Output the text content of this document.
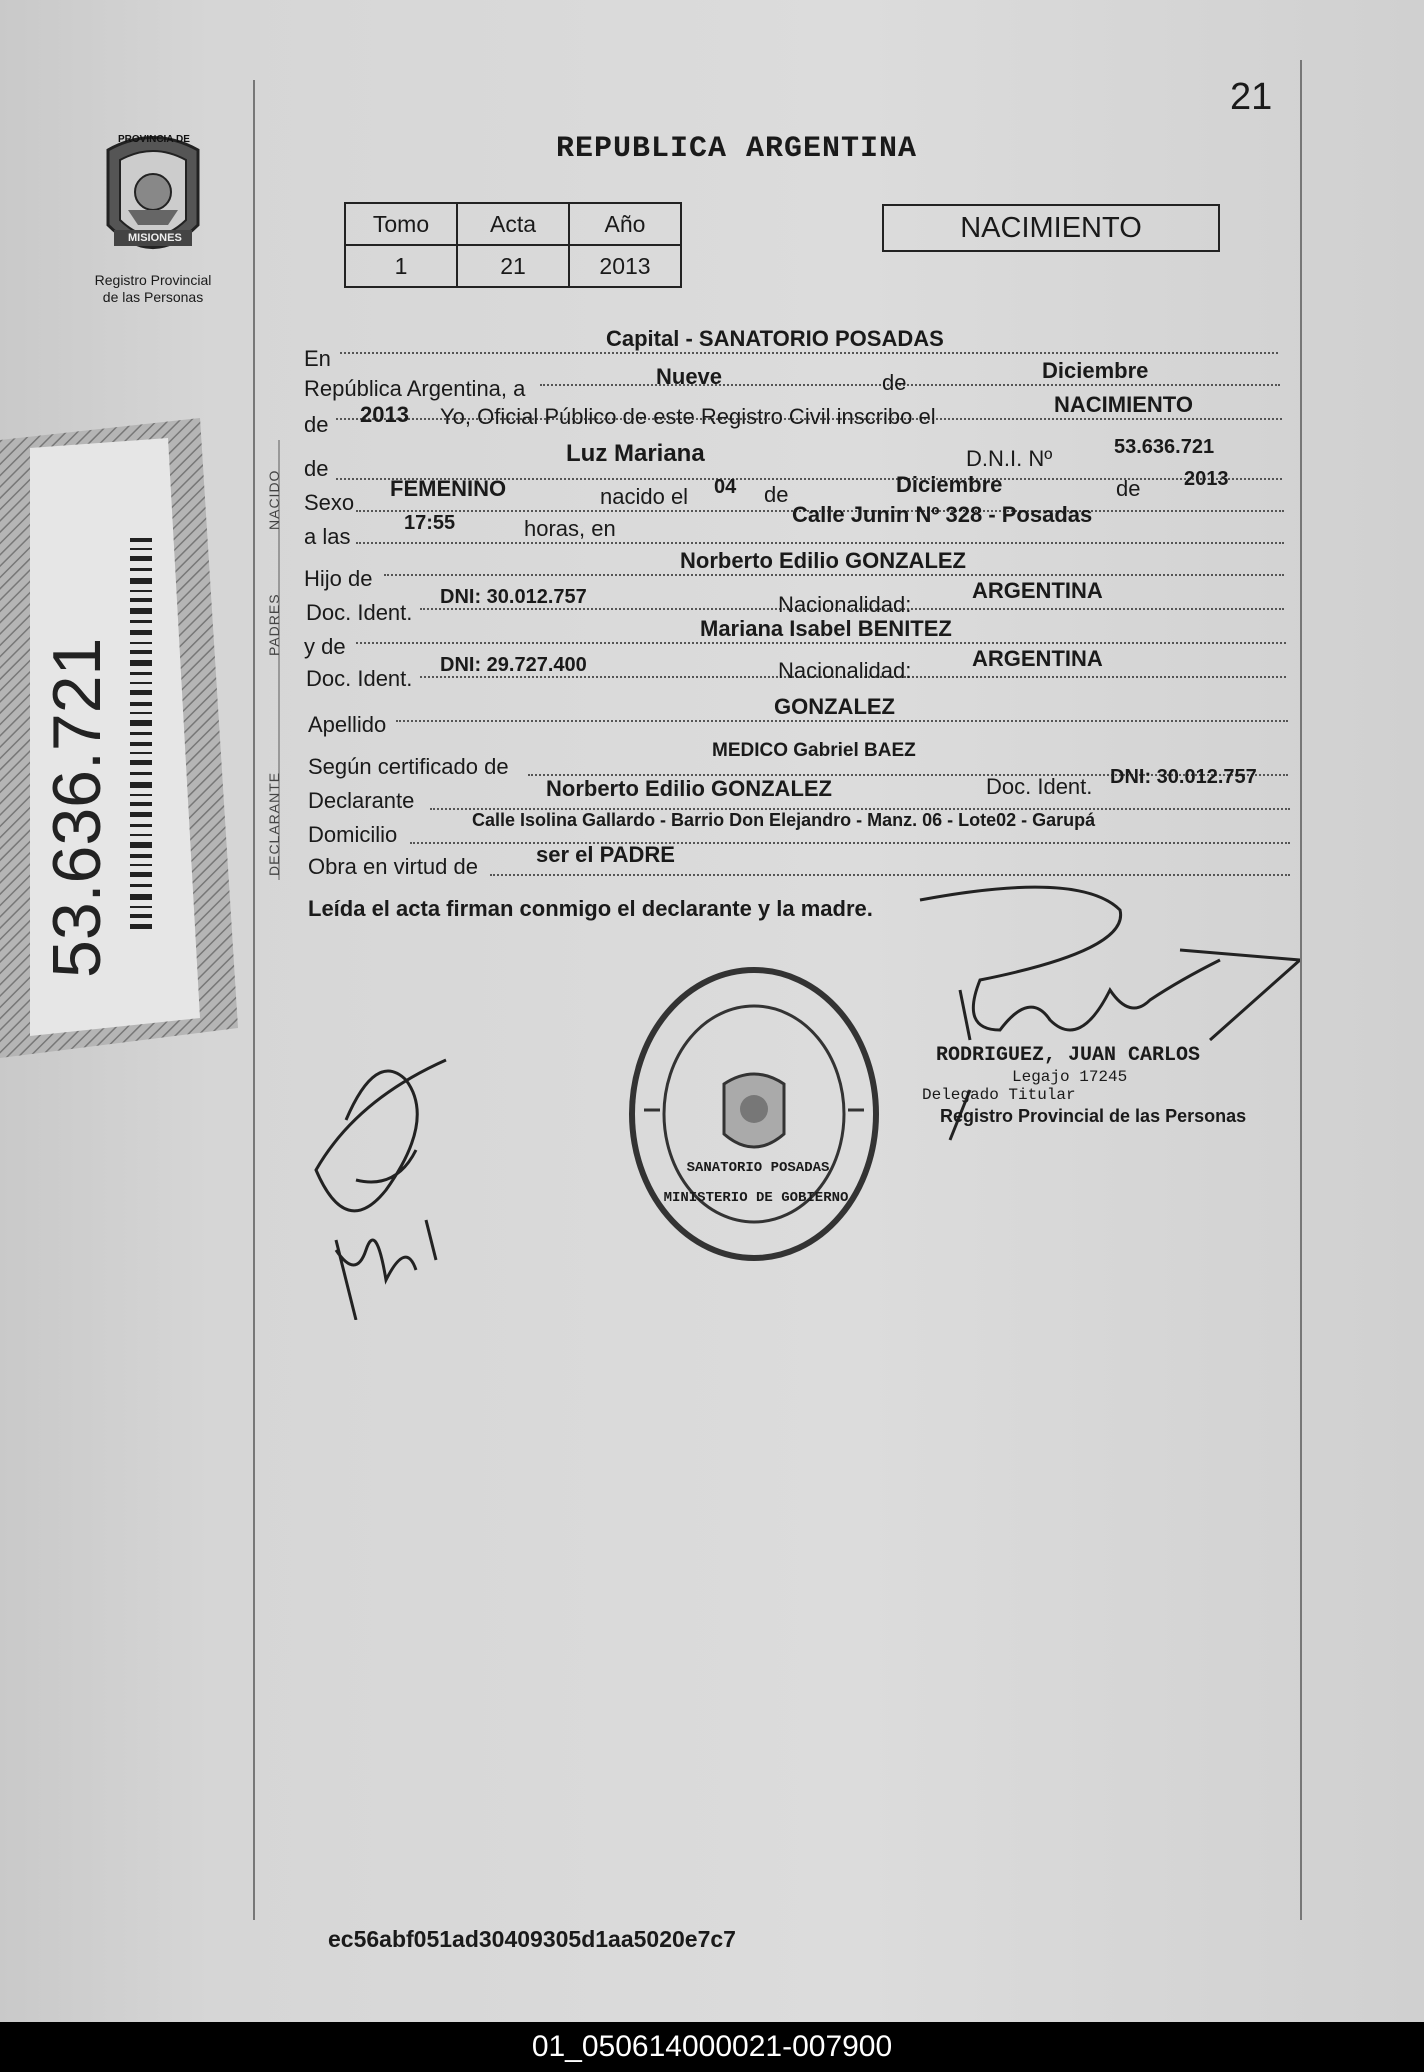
PROVINCIA DE
MISIONES
Registro Provincial
de las Personas
53.636.721
21
REPUBLICA ARGENTINA
Tomo	Acta	Año
1	21	2013
NACIMIENTO
NACIDO
PADRES
DECLARANTE
En
Capital - SANATORIO POSADAS
República Argentina, a	Nueve	de	Diciembre
de 2013 Yo, Oficial Público de este Registro Civil inscribo el	NACIMIENTO
de
Luz Mariana	D.N.I. Nº	53.636.721
Sexo
FEMENINO	nacido el 04 de	Diciembre	de 2013
a las
17:55	horas, en
Calle Junin Nº 328 - Posadas
Hijo de
Norberto Edilio GONZALEZ
Doc. Ident.
DNI: 30.012.757	Nacionalidad:
ARGENTINA
y de
Mariana Isabel BENITEZ
Doc. Ident.
DNI: 29.727.400	Nacionalidad:	ARGENTINA
Apellido
GONZALEZ
Según certificado de
MEDICO Gabriel BAEZ
Declarante	Norberto Edilio GONZALEZ	Doc. Ident. DNI: 30.012.757
Domicilio
Calle Isolina Gallardo - Barrio Don Elejandro - Manz. 06 - Lote02 - Garupá
Obra en virtud de	ser el PADRE
Leída el acta firman conmigo el declarante y la madre.
SANATORIO POSADAS
MINISTERIO DE GOBIERNO
RODRIGUEZ, JUAN CARLOS
Legajo 17245
Delegado Titular
Registro Provincial de las Personas
ec56abf051ad30409305d1aa5020e7c7
01_050614000021-007900
